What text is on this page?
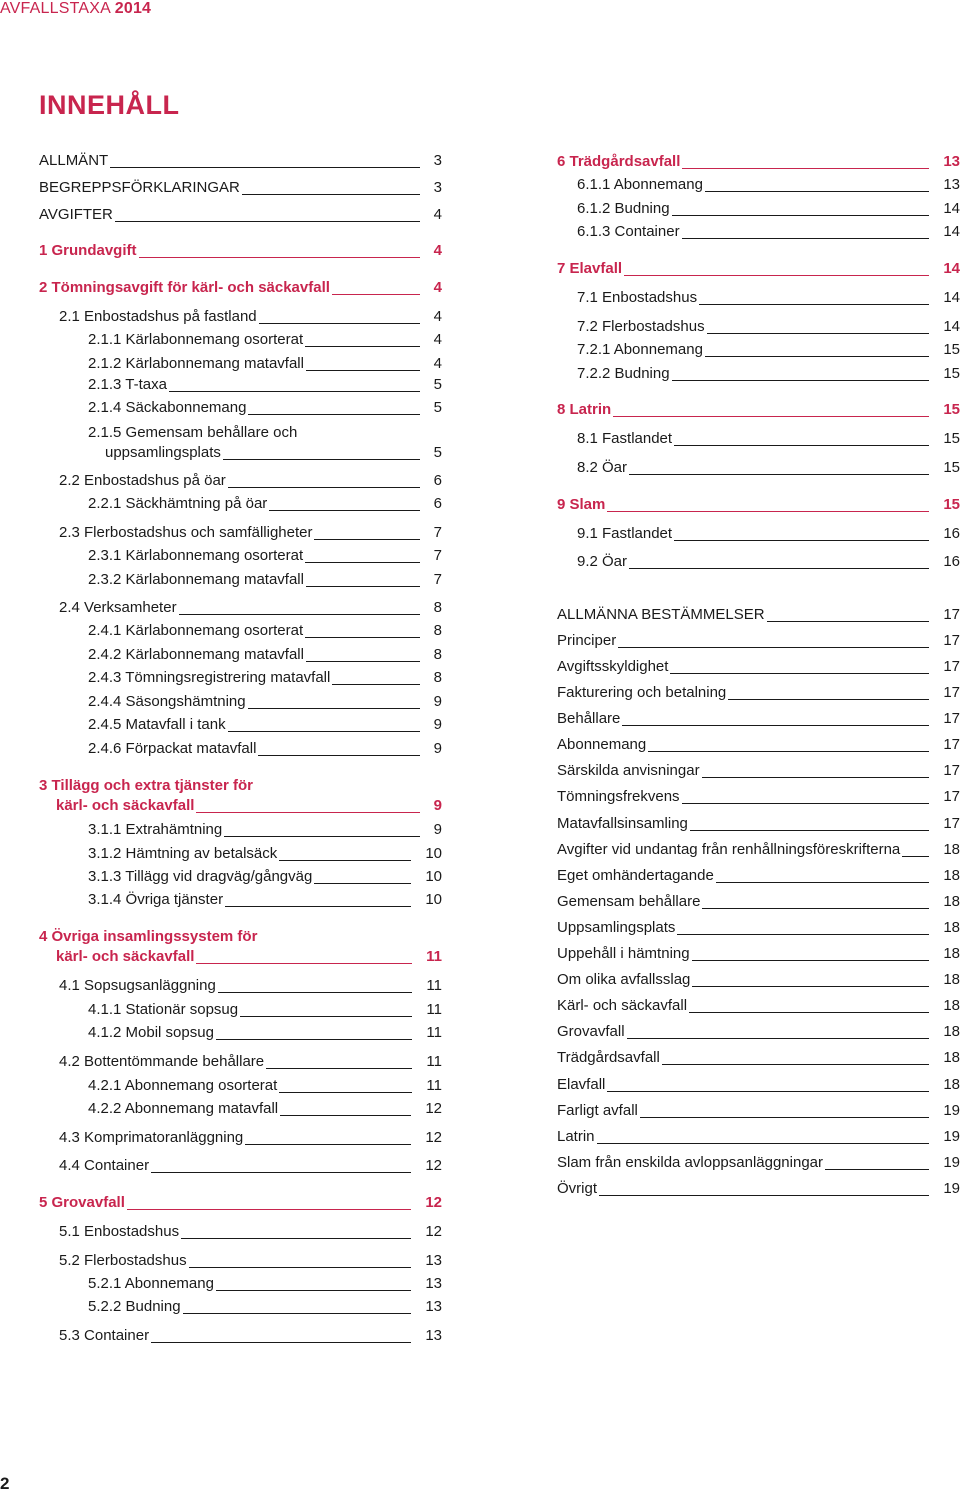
AVFALLSTAXA 2014
INNEHÅLL
ALLMÄNT	3
BEGREPPSFÖRKLARINGAR	3
AVGIFTER	4
1 Grundavgift	4
2 Tömningsavgift för kärl- och säckavfall	4
2.1 Enbostadshus på fastland	4
2.1.1 Kärlabonnemang osorterat	4
2.1.2 Kärlabonnemang matavfall	4
2.1.3 T-taxa	5
2.1.4 Säckabonnemang	5
2.1.5 Gemensam behållare och
uppsamlingsplats	5
2.2 Enbostadshus på öar	6
2.2.1 Säckhämtning på öar	6
2.3 Flerbostadshus och samfälligheter	7
2.3.1 Kärlabonnemang osorterat	7
2.3.2 Kärlabonnemang matavfall	7
2.4 Verksamheter	8
2.4.1 Kärlabonnemang osorterat	8
2.4.2 Kärlabonnemang matavfall	8
2.4.3 Tömningsregistrering matavfall	8
2.4.4 Säsongshämtning	9
2.4.5 Matavfall i tank	9
2.4.6 Förpackat matavfall	9
3 Tillägg och extra tjänster för
kärl- och säckavfall	9
3.1.1 Extrahämtning	9
3.1.2 Hämtning av betalsäck	10
3.1.3 Tillägg vid dragväg/gångväg	10
3.1.4 Övriga tjänster	10
4 Övriga insamlingssystem för
kärl- och säckavfall	11
4.1 Sopsugsanläggning	11
4.1.1 Stationär sopsug	11
4.1.2 Mobil sopsug	11
4.2 Bottentömmande behållare	11
4.2.1 Abonnemang osorterat	11
4.2.2 Abonnemang matavfall	12
4.3 Komprimatoranläggning	12
4.4 Container	12
5 Grovavfall	12
5.1 Enbostadshus	12
5.2 Flerbostadshus	13
5.2.1 Abonnemang	13
5.2.2 Budning	13
5.3 Container	13
6 Trädgårdsavfall	13
6.1.1 Abonnemang	13
6.1.2 Budning	14
6.1.3 Container	14
7 Elavfall	14
7.1 Enbostadshus	14
7.2 Flerbostadshus	14
7.2.1 Abonnemang	15
7.2.2 Budning	15
8 Latrin	15
8.1 Fastlandet	15
8.2 Öar	15
9 Slam	15
9.1 Fastlandet	16
9.2 Öar	16
ALLMÄNNA BESTÄMMELSER	17
Principer	17
Avgiftsskyldighet	17
Fakturering och betalning	17
Behållare	17
Abonnemang	17
Särskilda anvisningar	17
Tömningsfrekvens	17
Matavfallsinsamling	17
Avgifter vid undantag från renhållningsföreskrifterna	18
Eget omhändertagande	18
Gemensam behållare	18
Uppsamlingsplats	18
Uppehåll i hämtning	18
Om olika avfallsslag	18
Kärl- och säckavfall	18
Grovavfall	18
Trädgårdsavfall	18
Elavfall	18
Farligt avfall	19
Latrin	19
Slam från enskilda avloppsanläggningar	19
Övrigt	19
2
